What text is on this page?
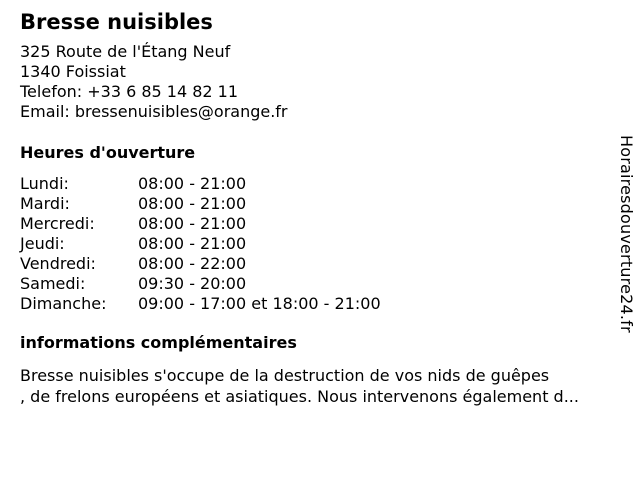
Bresse nuisibles
325 Route de l'Étang Neuf
1340 Foissiat
Telefon: +33 6 85 14 82 11
Email: bressenuisibles@orange.fr
Heures d'ouverture
Lundi:	08:00 - 21:00
Mardi:	08:00 - 21:00
Mercredi:	08:00 - 21:00
Jeudi:	08:00 - 21:00
Vendredi:	08:00 - 22:00
Samedi:	09:30 - 20:00
Dimanche:	09:00 - 17:00 et 18:00 - 21:00
informations complémentaires
Bresse nuisibles s'occupe de la destruction de vos nids de guêpes
, de frelons européens et asiatiques. Nous intervenons également d...
Horairesdouverture24.fr
